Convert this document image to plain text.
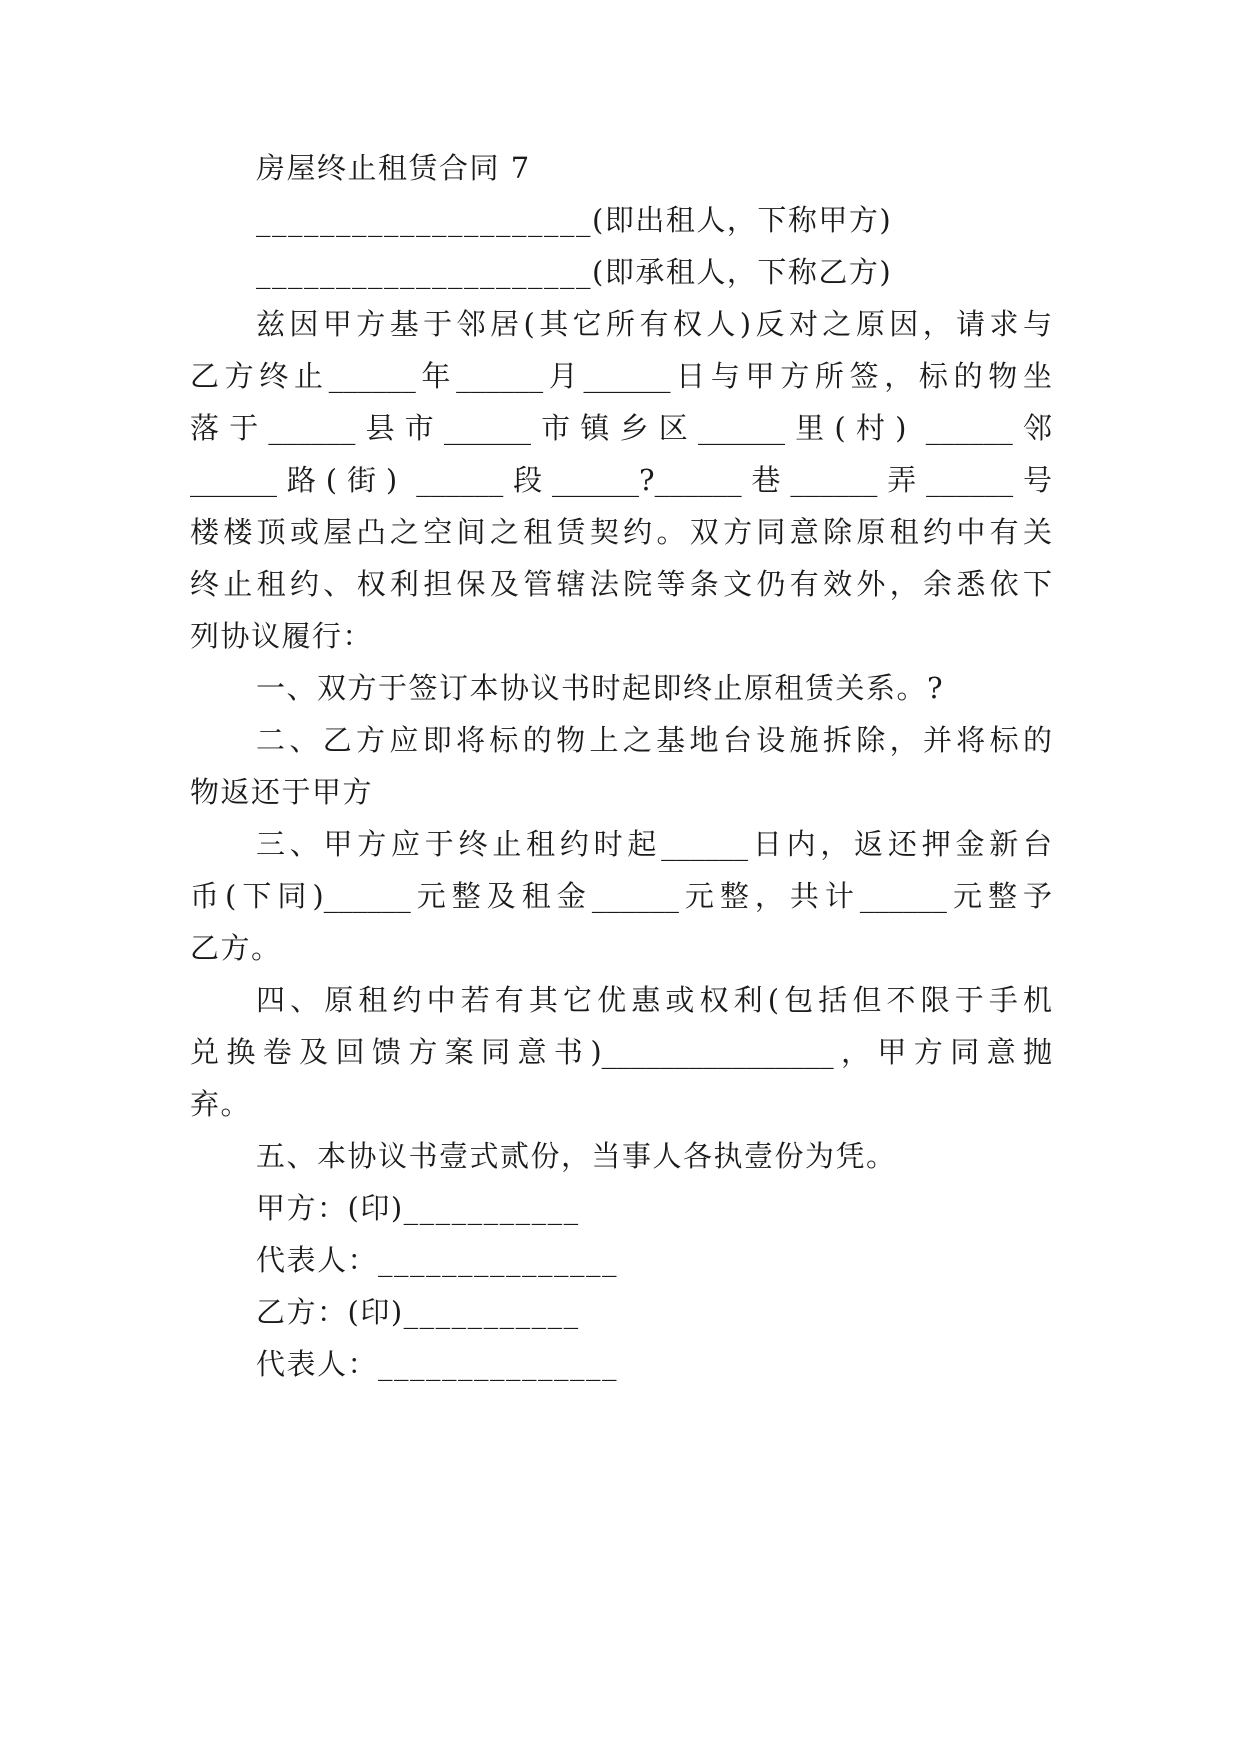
房屋终止租赁合同 7
_____________________(即出租人，下称甲方)
_____________________(即承租人，下称乙方)
兹因甲方基于邻居(其它所有权人)反对之原因，请求与
乙方终止______年______月______日与甲方所签，标的物坐
落于______县市______市镇乡区______里(村) ______邻
______路(街) ______段______?______巷______弄______号
楼楼顶或屋凸之空间之租赁契约。双方同意除原租约中有关
终止租约、权利担保及管辖法院等条文仍有效外，余悉依下
列协议履行：
一、双方于签订本协议书时起即终止原租赁关系。?
二、乙方应即将标的物上之基地台设施拆除，并将标的
物返还于甲方
三、甲方应于终止租约时起______日内，返还押金新台
币(下同)______元整及租金______元整，共计______元整予
乙方。
四、原租约中若有其它优惠或权利(包括但不限于手机
兑换卷及回馈方案同意书)________________，甲方同意抛
弃。
五、本协议书壹式贰份，当事人各执壹份为凭。
甲方：(印)___________
代表人：_______________
乙方：(印)___________
代表人：_______________
